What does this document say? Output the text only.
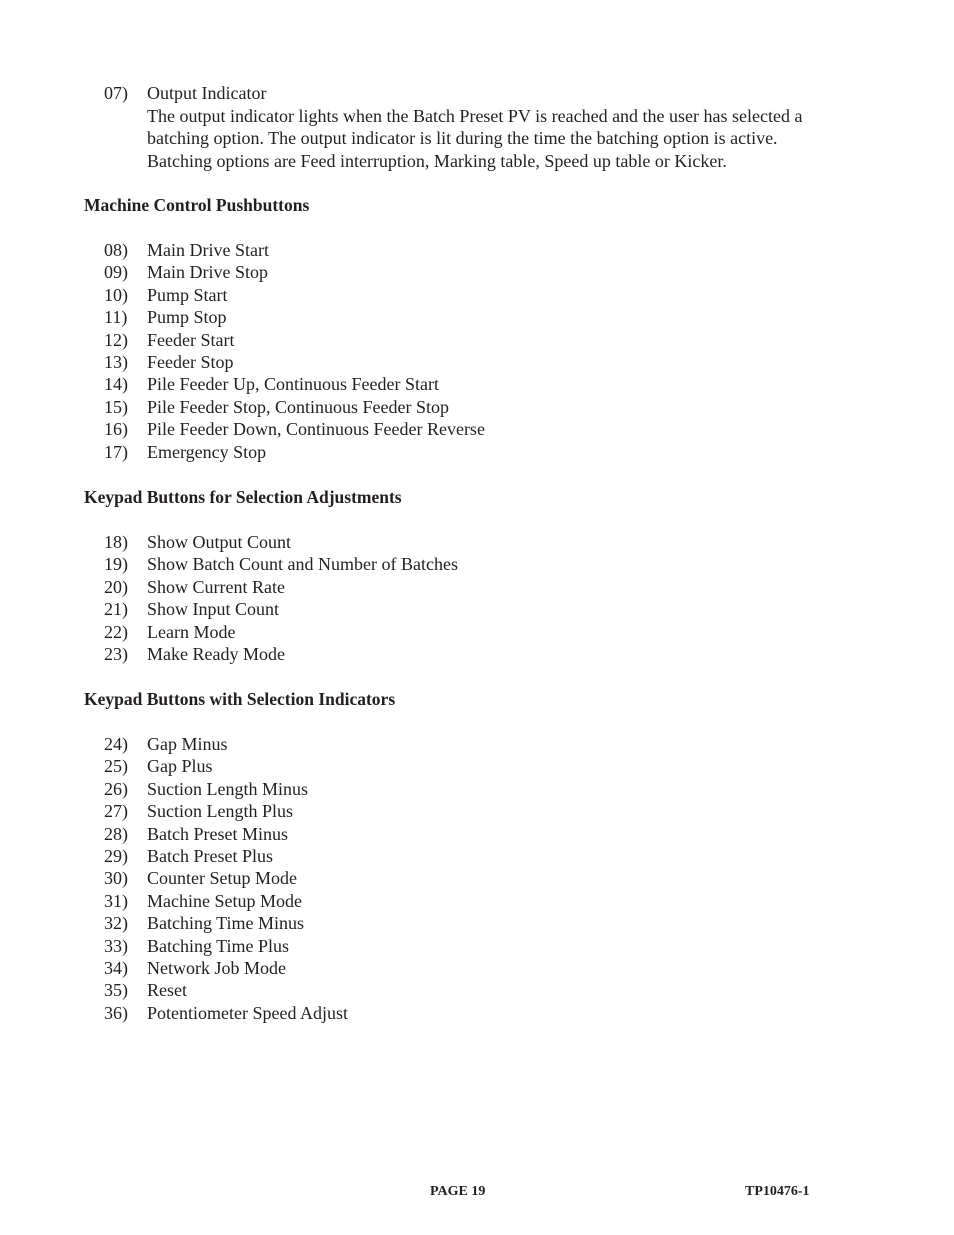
07)	Output Indicator
The output indicator lights when the Batch Preset PV is reached and the user has selected a batching option. The output indicator is lit during the time the batching option is active. Batching options are Feed interruption, Marking table, Speed up table or Kicker.
Machine Control Pushbuttons
08)	Main Drive Start
09)	Main Drive Stop
10)	Pump Start
11)	Pump Stop
12)	Feeder Start
13)	Feeder Stop
14)	Pile Feeder Up, Continuous Feeder Start
15)	Pile Feeder Stop, Continuous Feeder Stop
16)	Pile Feeder Down, Continuous Feeder Reverse
17)	Emergency Stop
Keypad Buttons for Selection Adjustments
18)	Show Output Count
19)	Show Batch Count and Number of Batches
20)	Show Current Rate
21)	Show Input Count
22)	Learn Mode
23)	Make Ready Mode
Keypad Buttons with Selection Indicators
24)	Gap Minus
25)	Gap Plus
26)	Suction Length Minus
27)	Suction Length Plus
28)	Batch Preset Minus
29)	Batch Preset Plus
30)	Counter Setup Mode
31)	Machine Setup Mode
32)	Batching Time Minus
33)	Batching Time Plus
34)	Network Job Mode
35)	Reset
36)	Potentiometer Speed Adjust
PAGE 19	TP10476-1
